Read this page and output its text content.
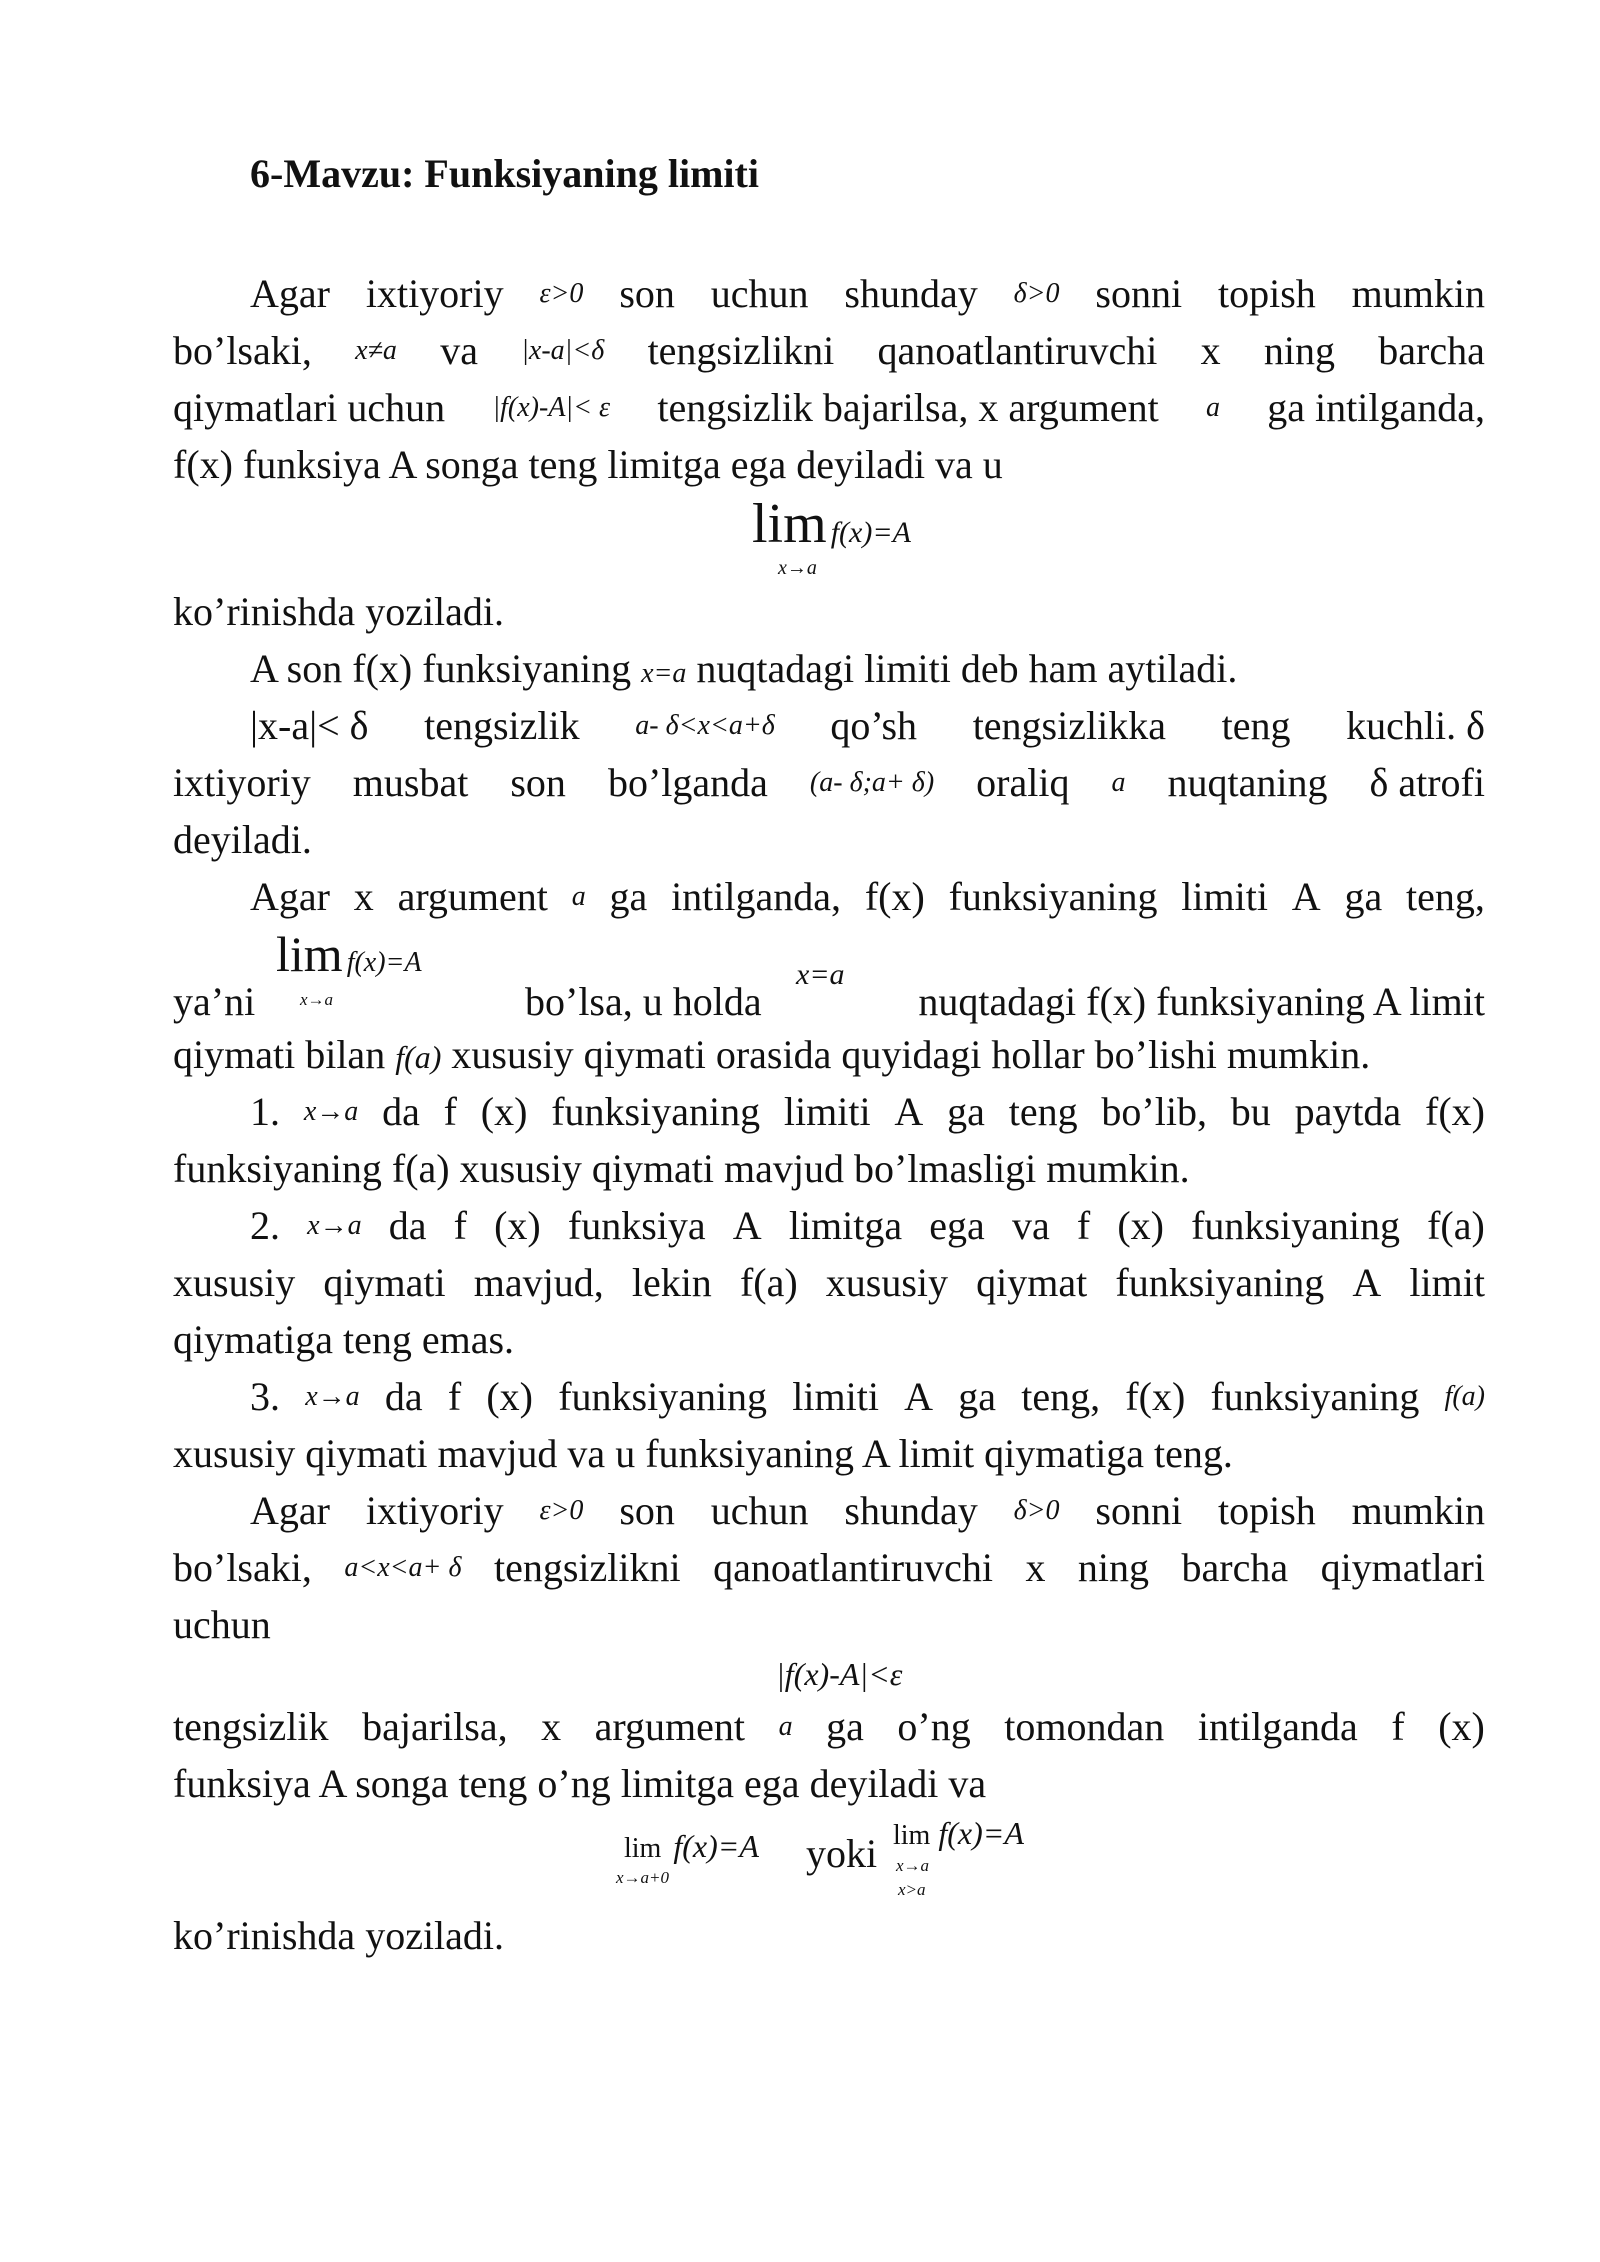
6-Mavzu: Funksiyaning limiti
Agar ixtiyoriy ε>0 son uchun shunday δ>0 sonni topish mumkin
bo’lsaki, x≠a va |x-a|<δ tengsizlikni qanoatlantiruvchi x ning barcha
qiymatlari uchun |f(x)-A|< ε tengsizlik bajarilsa, x argument a ga intilganda,
f(x) funksiya A songa teng limitga ega deyiladi va u
lim f(x)=A
x→a
ko’rinishda yoziladi.
A son f(x) funksiyaning x=a nuqtadagi limiti deb ham aytiladi.
|x-a|< δ tengsizlik a- δ<x<a+δ qo’sh tengsizlikka teng kuchli. δ
ixtiyoriy musbat son bo’lganda (a- δ;a+ δ) oraliq a nuqtaning δ atrofi
deyiladi.
Agar x argument a ga intilganda, f(x) funksiyaning limiti A ga teng,
ya’ni
lim f(x)=A
x→a	bo’lsa, u holda
x=a
nuqtadagi f(x) funksiyaning A limit
qiymati bilan f(a) xususiy qiymati orasida quyidagi hollar bo’lishi mumkin.
1. x→a da f (x) funksiyaning limiti A ga teng bo’lib, bu paytda f(x)
funksiyaning f(a) xususiy qiymati mavjud bo’lmasligi mumkin.
2. x→a da f (x) funksiya A limitga ega va f (x) funksiyaning f(a)
xususiy qiymati mavjud, lekin f(a) xususiy qiymat funksiyaning A limit
qiymatiga teng emas.
3. x→a da f (x) funksiyaning limiti A ga teng, f(x) funksiyaning f(a)
xususiy qiymati mavjud va u funksiyaning A limit qiymatiga teng.
Agar ixtiyoriy ε>0 son uchun shunday δ>0 sonni topish mumkin
bo’lsaki, a<x<a+ δ tengsizlikni qanoatlantiruvchi x ning barcha qiymatlari
uchun
|f(x)-A|<ε
tengsizlik bajarilsa, x argument a ga o’ng tomondan intilganda f (x)
funksiya A songa teng o’ng limitga ega deyiladi va
lim f(x)=A
x→a+0
yoki lim f(x)=A
x→a
x>a
ko’rinishda yoziladi.
